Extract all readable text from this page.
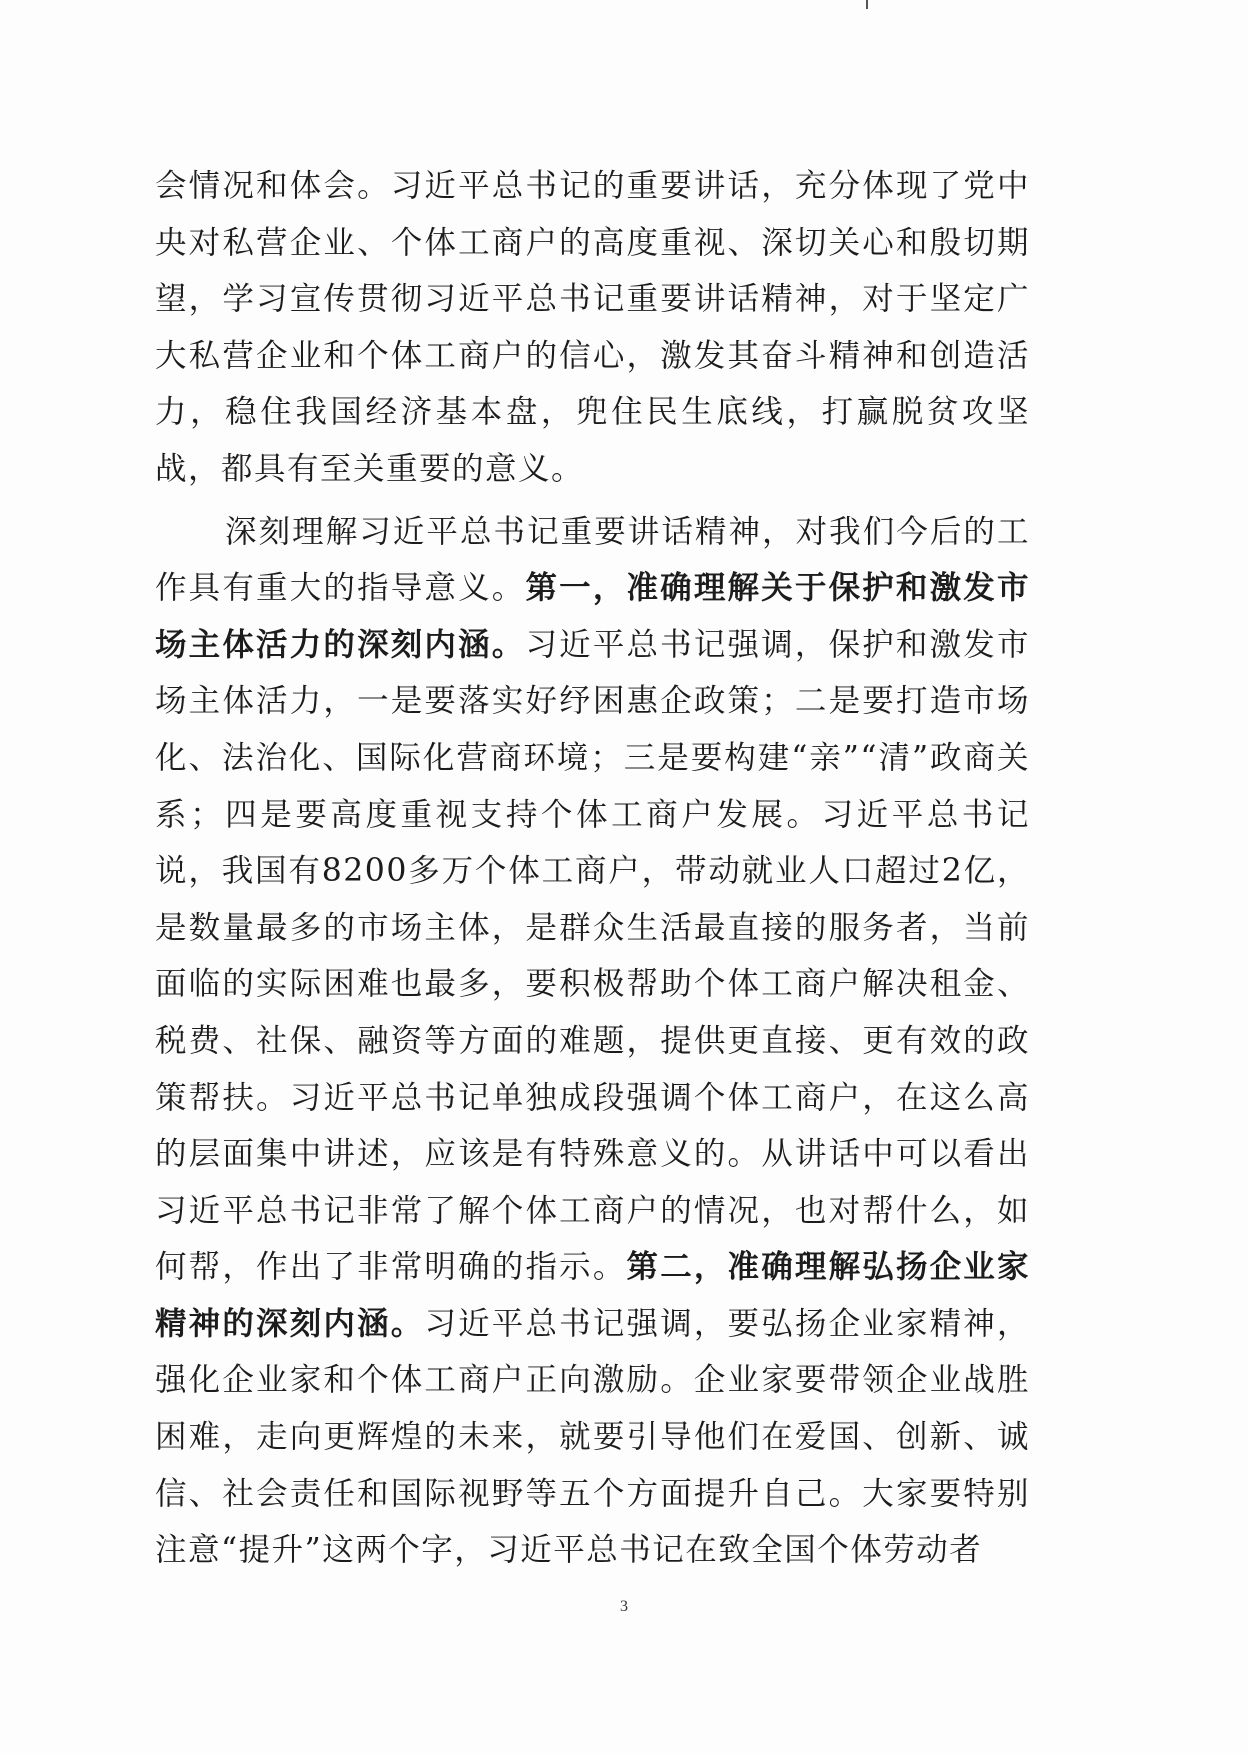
会情况和体会。习近平总书记的重要讲话，充分体现了党中央对私营企业、个体工商户的高度重视、深切关心和殷切期望，学习宣传贯彻习近平总书记重要讲话精神，对于坚定广大私营企业和个体工商户的信心，激发其奋斗精神和创造活力，稳住我国经济基本盘，兜住民生底线，打赢脱贫攻坚战，都具有至关重要的意义。

深刻理解习近平总书记重要讲话精神，对我们今后的工作具有重大的指导意义。第一，准确理解关于保护和激发市场主体活力的深刻内涵。习近平总书记强调，保护和激发市场主体活力，一是要落实好纾困惠企政策；二是要打造市场化、法治化、国际化营商环境；三是要构建“亲”“清”政商关系；四是要高度重视支持个体工商户发展。习近平总书记说，我国有8200多万个体工商户，带动就业人口超过2亿，是数量最多的市场主体，是群众生活最直接的服务者，当前面临的实际困难也最多，要积极帮助个体工商户解决租金、税费、社保、融资等方面的难题，提供更直接、更有效的政策帮扶。习近平总书记单独成段强调个体工商户，在这么高的层面集中讲述，应该是有特殊意义的。从讲话中可以看出习近平总书记非常了解个体工商户的情况，也对帮什么，如何帮，作出了非常明确的指示。第二，准确理解弘扬企业家精神的深刻内涵。习近平总书记强调，要弘扬企业家精神，强化企业家和个体工商户正向激励。企业家要带领企业战胜困难，走向更辉煌的未来，就要引导他们在爱国、创新、诚信、社会责任和国际视野等五个方面提升自己。大家要特别注意“提升”这两个字，习近平总书记在致全国个体劳动者

3
